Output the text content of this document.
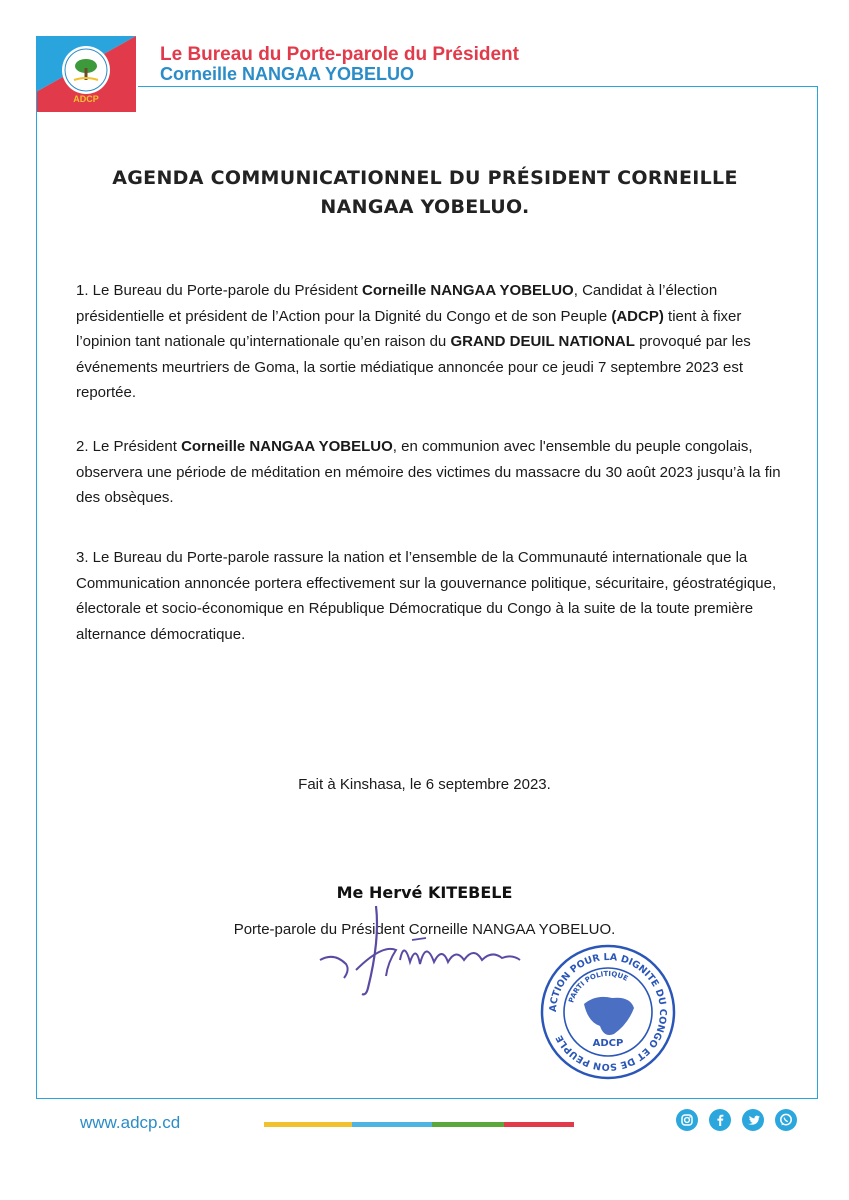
ADCP
Le Bureau du Porte-parole du Président
Corneille NANGAA YOBELUO
AGENDA COMMUNICATIONNEL DU PRÉSIDENT CORNEILLE
NANGAA YOBELUO.

1. Le Bureau du Porte-parole du Président Corneille NANGAA YOBELUO, Candidat à l’élection présidentielle et président de l’Action pour la Dignité du Congo et de son Peuple (ADCP) tient à fixer l’opinion tant nationale qu’internationale qu’en raison du GRAND DEUIL NATIONAL provoqué par les événements meurtriers de Goma, la sortie médiatique annoncée pour ce jeudi 7 septembre 2023 est reportée.

2. Le Président Corneille NANGAA YOBELUO, en communion avec l'ensemble du peuple congolais, observera une période de méditation en mémoire des victimes du massacre du 30 août 2023 jusqu’à la fin des obsèques.

3. Le Bureau du Porte-parole rassure la nation et l’ensemble de la Communauté internationale que la Communication annoncée portera effectivement sur la gouvernance politique, sécuritaire, géostratégique, électorale et socio-économique en République Démocratique du Congo à la suite de la toute première alternance démocratique.

Fait à Kinshasa, le 6 septembre 2023.
Me Hervé KITEBELE
Porte-parole du Président Corneille NANGAA YOBELUO.
ACTION POUR LA DIGNITE DU CONGO ET DE SON PEUPLE
PARTI POLITIQUE
ADCP
www.adcp.cd
